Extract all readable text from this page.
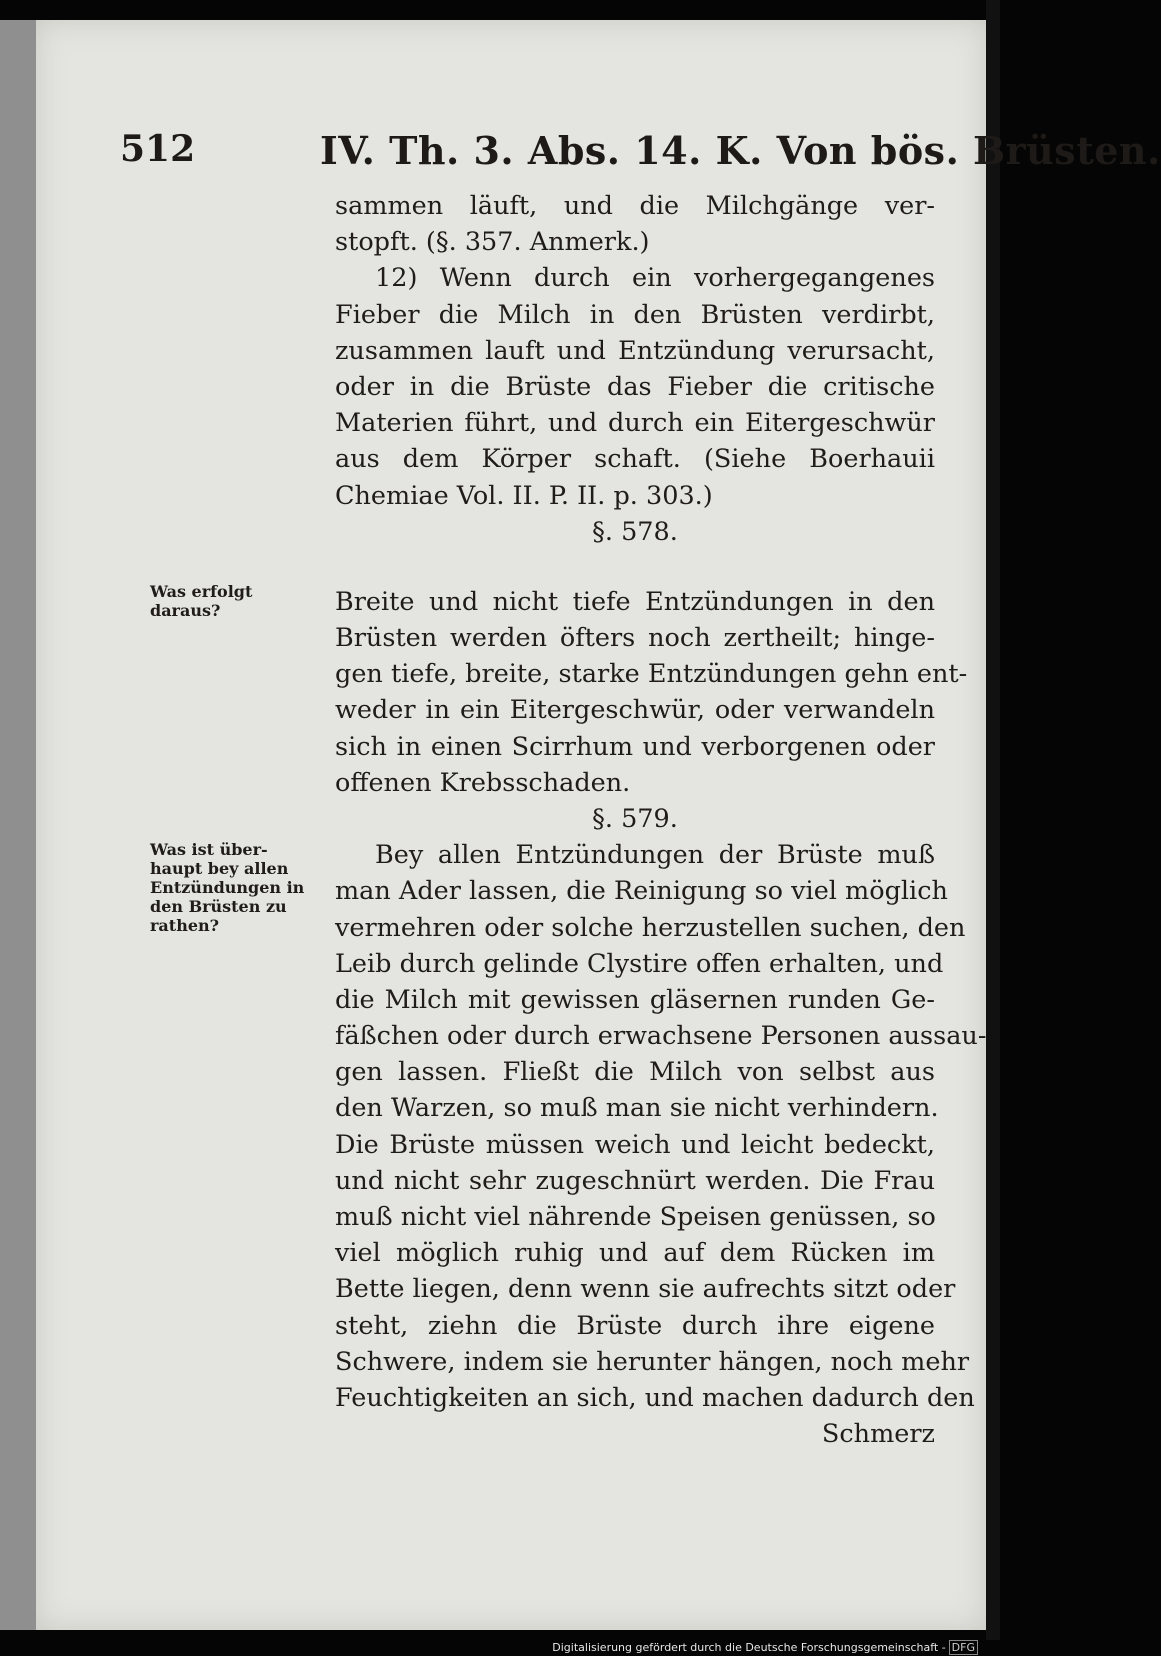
512	IV. Th. 3. Abs. 14. K. Von bös. Brüsten.
Was erfolgt daraus?
Was ist über- haupt bey allen Entzündungen in den Brüsten zu rathen?
sammen läuft, und die Milchgänge ver-
stopft. (§. 357. Anmerk.)
12) Wenn durch ein vorhergegangenes
Fieber die Milch in den Brüsten verdirbt,
zusammen lauft und Entzündung verursacht,
oder in die Brüste das Fieber die critische
Materien führt, und durch ein Eitergeschwür
aus dem Körper schaft. (Siehe Boerhauii
Chemiae Vol. II. P. II. p. 303.)
§. 578.
Breite und nicht tiefe Entzündungen in den
Brüsten werden öfters noch zertheilt; hinge-
gen tiefe, breite, starke Entzündungen gehn ent-
weder in ein Eitergeschwür, oder verwandeln
sich in einen Scirrhum und verborgenen oder
offenen Krebsschaden.
§. 579.
Bey allen Entzündungen der Brüste muß
man Ader lassen, die Reinigung so viel möglich
vermehren oder solche herzustellen suchen, den
Leib durch gelinde Clystire offen erhalten, und
die Milch mit gewissen gläsernen runden Ge-
fäßchen oder durch erwachsene Personen aussau-
gen lassen. Fließt die Milch von selbst aus
den Warzen, so muß man sie nicht verhindern.
Die Brüste müssen weich und leicht bedeckt,
und nicht sehr zugeschnürt werden. Die Frau
muß nicht viel nährende Speisen genüssen, so
viel möglich ruhig und auf dem Rücken im
Bette liegen, denn wenn sie aufrechts sitzt oder
steht, ziehn die Brüste durch ihre eigene
Schwere, indem sie herunter hängen, noch mehr
Feuchtigkeiten an sich, und machen dadurch den
Schmerz
Digitalisierung gefördert durch die Deutsche Forschungsgemeinschaft - DFG
